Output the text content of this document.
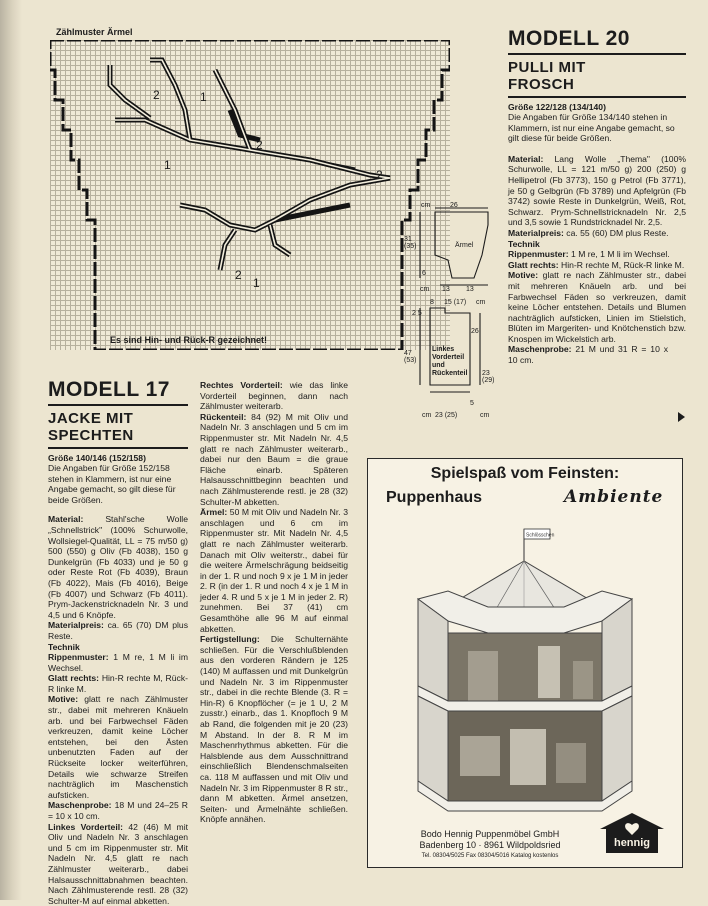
Zählmuster Ärmel
2	1
2
1
2
1
2
Es sind Hin- und Rück-R gezeichnet!
MODELL 20
PULLI MIT
FROSCH
Größe 122/128 (134/140)
Die Angaben für Größe 134/140 stehen in Klammern, ist nur eine Angabe gemacht, so gilt diese für beide Größen.
Material: Lang Wolle „Thema" (100% Schurwolle, LL = 121 m/50 g) 200 (250) g Hellipetrol (Fb 3773), 150 g Petrol (Fb 3771), je 50 g Gelbgrün (Fb 3789) und Apfelgrün (Fb 3742) sowie Reste in Dunkelgrün, Weiß, Rot, Schwarz. Prym-Schnellstricknadeln Nr. 2,5 und 3,5 sowie 1 Rundstricknadel Nr. 2,5.
Materialpreis: ca. 55 (60) DM plus Reste.
Technik
Rippenmuster: 1 M re, 1 M li im Wechsel.
Glatt rechts: Hin-R rechte M, Rück-R linke M.
Motive: glatt re nach Zählmuster str., dabei mit mehreren Knäueln arb. und bei Farbwechsel Fäden so verkreuzen, damit keine Löcher entstehen. Details und Blumen nachträglich aufsticken, Linien im Stielstich, Blüten im Margeriten- und Knötchenstich bzw. Knospen im Wickelstich arb.
Maschenprobe: 21 M und 31 R = 10 x 10 cm.
cm	26
31 (35)	Ärmel
6
cm 13 13
8 15 (17) cm
2 5
26
47 (53)
Linkes Vorderteil und Rückenteil 23 (29)
5
cm 23 (25)	cm
MODELL 17
JACKE MIT
SPECHTEN
Größe 140/146 (152/158)
Die Angaben für Größe 152/158 stehen in Klammern, ist nur eine Angabe gemacht, so gilt diese für beide Größen.
Material:	Stahl'sche Wolle „Schnellstrick" (100% Schurwolle, Wollsiegel-Qualität, LL = 75 m/50 g) 500 (550) g Oliv (Fb 4038), 150 g Dunkelgrün (Fb 4033) und je 50 g oder Reste Rot (Fb 4039), Braun (Fb 4022), Mais (Fb 4016), Beige (Fb 4007) und Schwarz (Fb 4011). Prym-Jackenstricknadeln Nr. 3 und 4,5 und 6 Knöpfe.
Materialpreis: ca. 65 (70) DM plus Reste.
Technik
Rippenmuster: 1 M re, 1 M li im Wechsel.
Glatt rechts: Hin-R rechte M, Rück-R linke M.
Motive: glatt re nach Zählmuster str., dabei mit mehreren Knäueln arb. und bei Farbwechsel Fäden verkreuzen, damit keine Löcher entstehen, bei den Ästen unbenutzten Faden auf der Rückseite locker weiterführen, Details wie schwarze Streifen nachträglich im Maschenstich aufsticken.
Maschenprobe: 18 M und 24–25 R = 10 x 10 cm.
Linkes Vorderteil: 42 (46) M mit Oliv und Nadeln Nr. 3 anschlagen und 5 cm im Rippenmuster str. Mit Nadeln Nr. 4,5 glatt re nach Zählmuster weiterarb., dabei Halsausschnittabnahmen beachten. Nach Zählmusterende restl. 28 (32) Schulter-M auf einmal abketten.
Rechtes Vorderteil: wie das linke Vorderteil beginnen, dann nach Zählmuster weiterarb.
Rückenteil: 84 (92) M mit Oliv und Nadeln Nr. 3 anschlagen und 5 cm im Rippenmuster str. Mit Nadeln Nr. 4,5 glatt re nach Zählmuster weiterarb., dabei nur den Baum = die graue Fläche einarb. Späteren Halsausschnittbeginn beachten und nach Zählmusterende restl. je 28 (32) Schulter-M abketten.
Ärmel: 50 M mit Oliv und Nadeln Nr. 3 anschlagen und 6 cm im Rippenmuster str. Mit Nadeln Nr. 4,5 glatt re nach Zählmuster weiterarb. Danach mit Oliv weiterstr., dabei für die weitere Ärmelschrägung beidseitig in der 1. R und noch 9 x je 1 M in jeder 2. R (in der 1. R und noch 4 x je 1 M in jeder 4. R und 5 x je 1 M in jeder 2. R) zunehmen. Bei 37 (41) cm Gesamthöhe alle 96 M auf einmal abketten.
Fertigstellung: Die Schulternähte schließen. Für die Verschlußblenden aus den vorderen Rändern je 125 (140) M auffassen und mit Dunkelgrün und Nadeln Nr. 3 im Rippenmuster str., dabei in die rechte Blende (3. R = Hin-R) 6 Knopflöcher (= je 1 U, 2 M zusstr.) einarb., das 1. Knopfloch 9 M ab Rand, die folgenden mit je 20 (23) M Abstand. In der 8. R M im Maschenrhythmus abketten. Für die Halsblende aus dem Ausschnittrand einschließlich Blendenschmalseiten ca. 118 M auffassen und mit Oliv und Nadeln Nr. 3 im Rippenmuster 8 R str., dann M abketten. Ärmel ansetzen, Seiten- und Ärmelnähte schließen. Knöpfe annähen.
Spielspaß vom Feinsten:
Puppenhaus	Ambiente
Schlösschen
Bodo Hennig Puppenmöbel GmbH
Badenberg 10 · 8961 Wildpoldsried
Tel. 08304/5025 Fax 08304/5016 Katalog kostenlos
hennig
